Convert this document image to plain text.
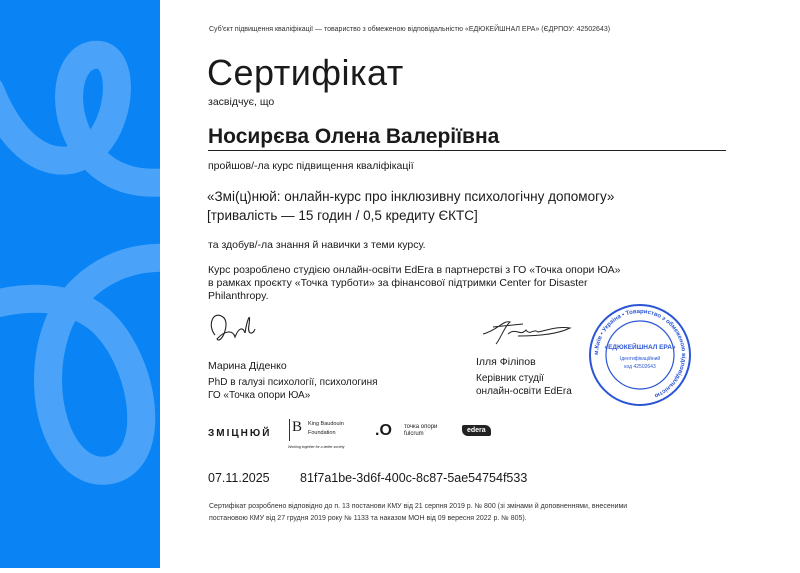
Суб'єкт підвищення кваліфікації — товариство з обмеженою відповідальністю «ЕДЮКЕЙШНАЛ ЕРА» (ЄДРПОУ: 42502643)
Сертифікат
засвідчує, що
Носирєва Олена Валеріївна
пройшов/-ла курс підвищення кваліфікації
«Змі(ц)нюй: онлайн-курс про інклюзивну психологічну допомогу»
[тривалість — 15 годин / 0,5 кредиту ЄКТС]
та здобув/-ла знання й навички з теми курсу.
Курс розроблено студією онлайн-освіти EdEra в партнерстві з ГО «Точка опори ЮА»
в рамках проєкту «Точка турботи» за фінансової підтримки Center for Disaster
Philanthropy.
Марина Діденко
PhD в галузі психології, психологиня
ГО «Точка опори ЮА»
Ілля Філіпов
Керівник студії
онлайн-освіти EdEra
м.Київ • Україна • Товариство з обмеженою відповідальністю
«ЕДЮКЕЙШНАЛ ЕРА»
Ідентифікаційний
код 42502643
ЗМІЦНЮЙ B King Baudouin
Foundation
Working together for a better society
.O точка опори
fulcrum	edera
07.11.2025 81f7a1be-3d6f-400c-8c87-5ae54754f533
Сертифікат розроблено відповідно до п. 13 постанови КМУ від 21 серпня 2019 р. № 800 (зі змінами й доповненнями, внесеними
постановою КМУ від 27 грудня 2019 року № 1133 та наказом МОН від 09 вересня 2022 р. № 805).
